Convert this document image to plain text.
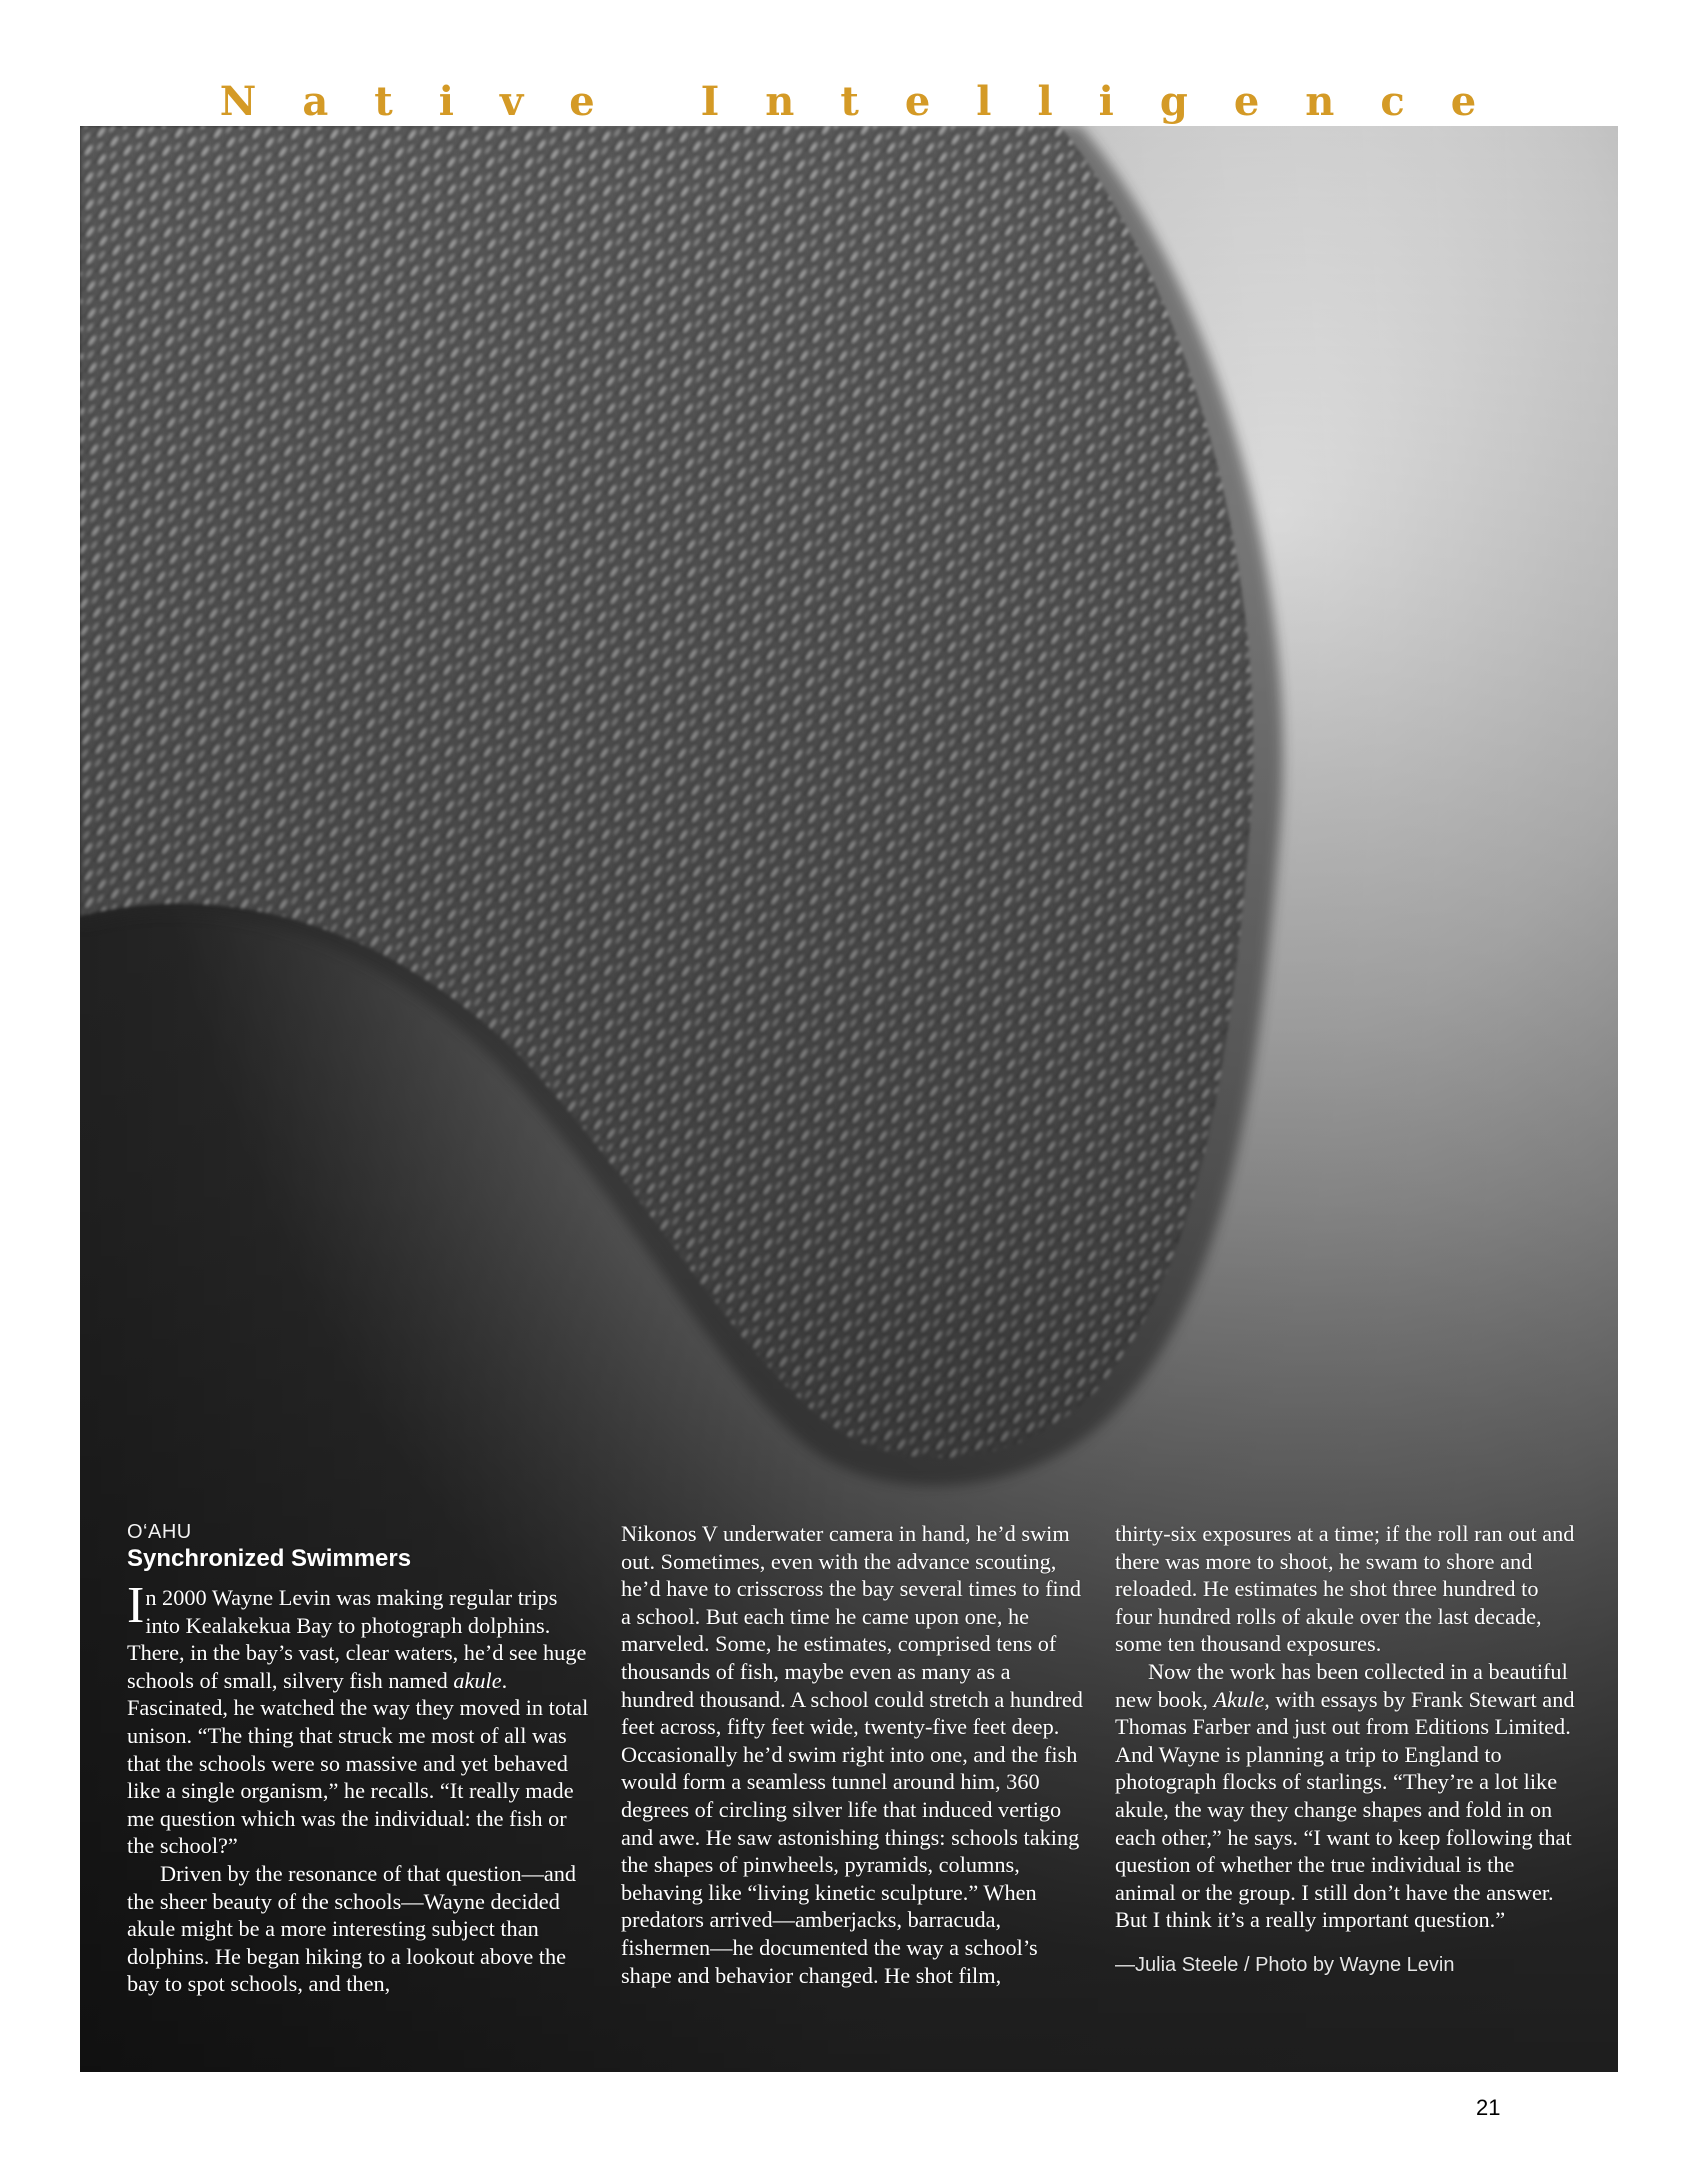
Native Intelligence

O‘AHU

Synchronized Swimmers

In 2000 Wayne Levin was making regular trips into Kealakekua Bay to photograph dolphins. There, in the bay’s vast, clear waters, he’d see huge schools of small, silvery fish named akule. Fascinated, he watched the way they moved in total unison. “The thing that struck me most of all was that the schools were so massive and yet behaved like a single organism,” he recalls. “It really made me question which was the individual: the fish or the school?”

Driven by the resonance of that question—and the sheer beauty of the schools—Wayne decided akule might be a more interesting subject than dolphins. He began hiking to a lookout above the bay to spot schools, and then,

Nikonos V underwater camera in hand, he’d swim out. Sometimes, even with the advance scouting, he’d have to crisscross the bay several times to find a school. But each time he came upon one, he marveled. Some, he estimates, comprised tens of thousands of fish, maybe even as many as a hundred thousand. A school could stretch a hundred feet across, fifty feet wide, twenty-five feet deep. Occasionally he’d swim right into one, and the fish would form a seamless tunnel around him, 360 degrees of circling silver life that induced vertigo and awe. He saw astonishing things: schools taking the shapes of pinwheels, pyramids, columns, behaving like “living kinetic sculpture.” When predators arrived—amberjacks, barracuda, fishermen—he documented the way a school’s shape and behavior changed. He shot film,

thirty-six exposures at a time; if the roll ran out and there was more to shoot, he swam to shore and reloaded. He estimates he shot three hundred to four hundred rolls of akule over the last decade, some ten thousand exposures.

Now the work has been collected in a beautiful new book, Akule, with essays by Frank Stewart and Thomas Farber and just out from Editions Limited. And Wayne is planning a trip to England to photograph flocks of starlings. “They’re a lot like akule, the way they change shapes and fold in on each other,” he says. “I want to keep following that question of whether the true individual is the animal or the group. I still don’t have the answer. But I think it’s a really important question.”

—Julia Steele / Photo by Wayne Levin

21
